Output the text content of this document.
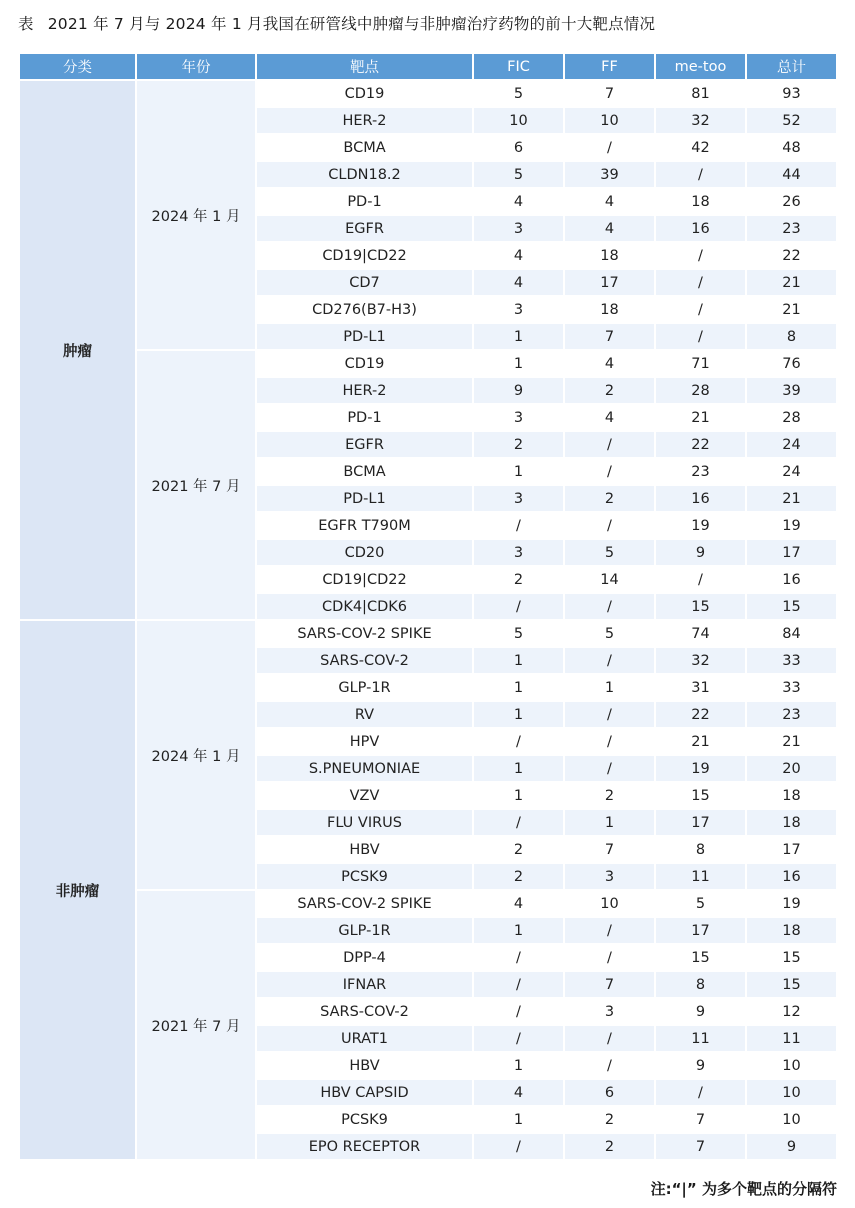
表 2021 年 7 月与 2024 年 1 月我国在研管线中肿瘤与非肿瘤治疗药物的前十大靶点情况
分类	年份	靶点	FIC	FF	me-too	总计
肿瘤	2024 年 1 月	CD19	5	7	81	93
		HER-2	10	10	32	52
		BCMA	6	/	42	48
		CLDN18.2	5	39	/	44
		PD-1	4	4	18	26
		EGFR	3	4	16	23
		CD19|CD22	4	18	/	22
		CD7	4	17	/	21
		CD276(B7-H3)	3	18	/	21
		PD-L1	1	7	/	8
	2021 年 7 月	CD19	1	4	71	76
		HER-2	9	2	28	39
		PD-1	3	4	21	28
		EGFR	2	/	22	24
		BCMA	1	/	23	24
		PD-L1	3	2	16	21
		EGFR T790M	/	/	19	19
		CD20	3	5	9	17
		CD19|CD22	2	14	/	16
		CDK4|CDK6	/	/	15	15
非肿瘤	2024 年 1 月	SARS-COV-2 SPIKE	5	5	74	84
		SARS-COV-2	1	/	32	33
		GLP-1R	1	1	31	33
		RV	1	/	22	23
		HPV	/	/	21	21
		S.PNEUMONIAE	1	/	19	20
		VZV	1	2	15	18
		FLU VIRUS	/	1	17	18
		HBV	2	7	8	17
		PCSK9	2	3	11	16
	2021 年 7 月	SARS-COV-2 SPIKE	4	10	5	19
		GLP-1R	1	/	17	18
		DPP-4	/	/	15	15
		IFNAR	/	7	8	15
		SARS-COV-2	/	3	9	12
		URAT1	/	/	11	11
		HBV	1	/	9	10
		HBV CAPSID	4	6	/	10
		PCSK9	1	2	7	10
		EPO RECEPTOR	/	2	7	9
注:“|” 为多个靶点的分隔符
